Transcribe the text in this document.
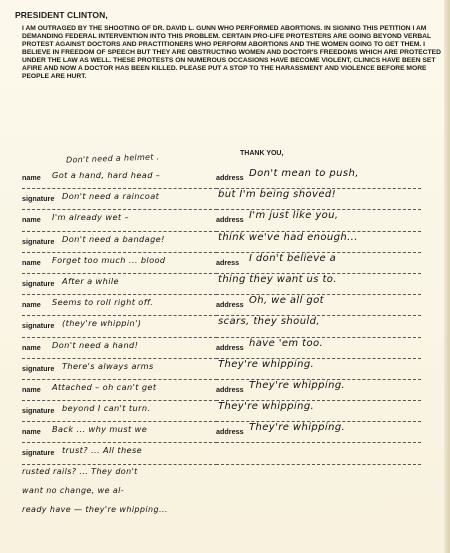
PRESIDENT CLINTON,
I AM OUTRAGED BY THE SHOOTING OF DR. DAVID L. GUNN WHO PERFORMED ABORTIONS. IN SIGNING THIS PETITION I AM DEMANDING FEDERAL INTERVENTION INTO THIS PROBLEM. CERTAIN PRO-LIFE PROTESTERS ARE GOING BEYOND VERBAL PROTEST AGAINST DOCTORS AND PRACTITIONERS WHO PERFORM ABORTIONS AND THE WOMEN GOING TO GET THEM. I BELIEVE IN FREEDOM OF SPEECH BUT THEY ARE OBSTRUCTING WOMEN AND DOCTOR'S FREEDOMS WHICH ARE PROTECTED UNDER THE LAW AS WELL. THESE PROTESTS ON NUMEROUS OCCASIONS HAVE BECOME VIOLENT, CLINICS HAVE BEEN SET AFIRE AND NOW A DOCTOR HAS BEEN KILLED. PLEASE PUT A STOP TO THE HARASSMENT AND VIOLENCE BEFORE MORE PEOPLE ARE HURT.
Don't need a helmet .	THANK YOU,
name Got a hand, hard head –
signature Don't need a raincoat
name I'm already wet –
signature Don't need a bandage!
name Forget too much ... blood
signature After a while
name Seems to roll right off.
signature (they're whippin')
name Don't need a hand!
signature There's always arms
name Attached – oh can't get
signature beyond I can't turn.
name Back ... why must we
signature trust? ... All these
address Don't mean to push,
but I'm being shoved!
address I'm just like you,
think we've had enough...
adress I don't believe a
thing they want us to.
address Oh, we all got
scars, they should,
address have 'em too.
They're whipping.
address They're whipping.
They're whipping.
address They're whipping.
rusted rails? ... They don't
want no change, we al-
ready have — they're whipping...
